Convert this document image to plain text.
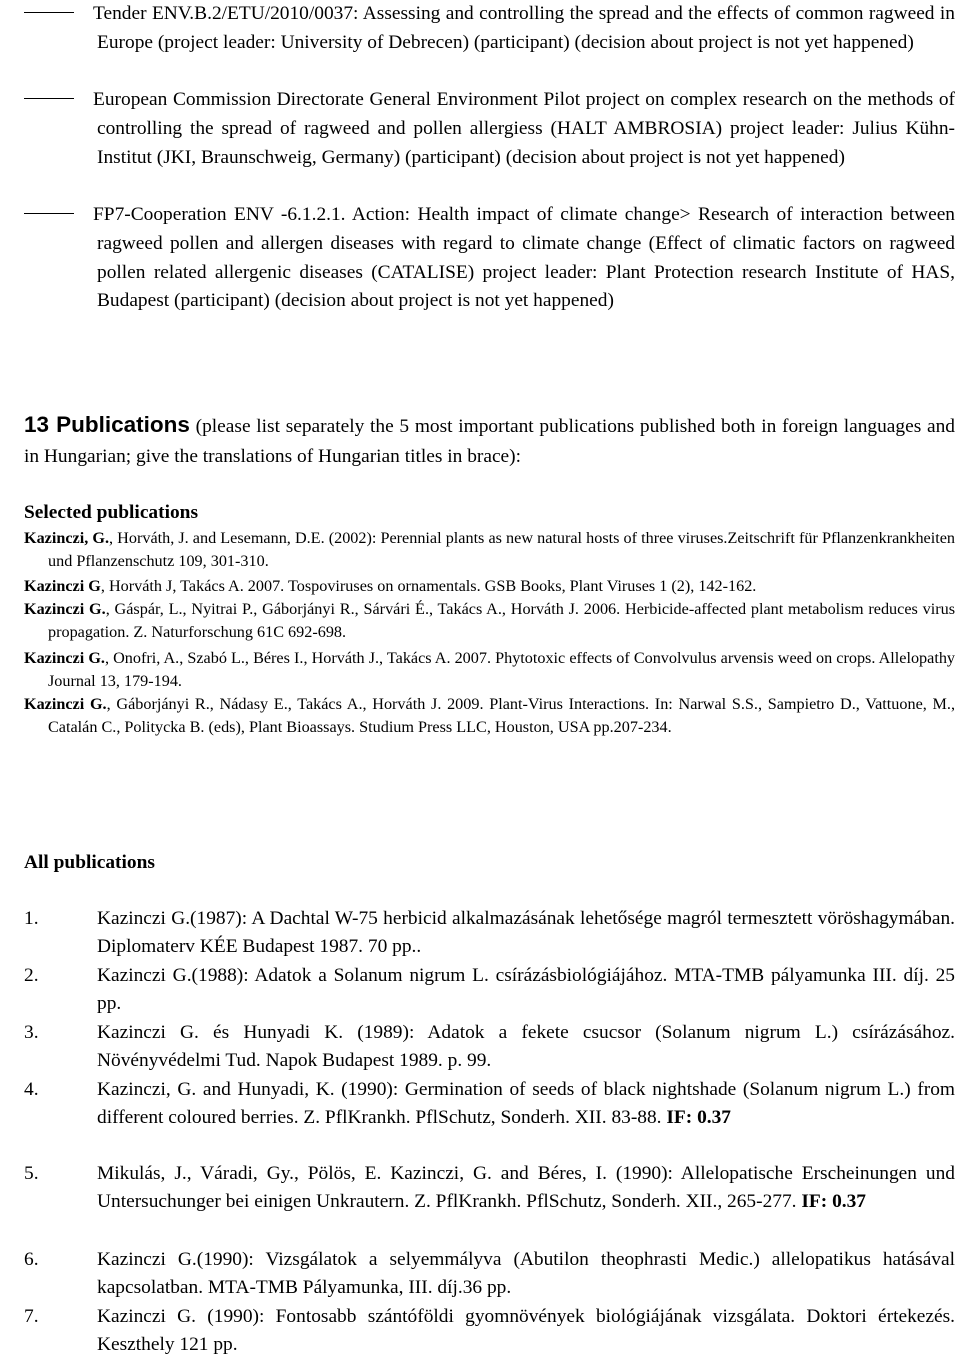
Tender ENV.B.2/ETU/2010/0037: Assessing and controlling the spread and the effects of common ragweed in Europe (project leader: University of Debrecen) (participant) (decision about project is not yet happened)
European Commission Directorate General Environment Pilot project on complex research on the methods of controlling the spread of ragweed and pollen allergiess (HALT AMBROSIA) project leader: Julius Kühn-Institut (JKI, Braunschweig, Germany) (participant) (decision about project is not yet happened)
FP7-Cooperation ENV -6.1.2.1. Action: Health impact of climate change> Research of interaction between ragweed pollen and allergen diseases with regard to climate change (Effect of climatic factors on ragweed pollen related allergenic diseases (CATALISE) project leader: Plant Protection research Institute of HAS, Budapest (participant) (decision about project is not yet happened)
13 Publications (please list separately the 5 most important publications published both in foreign languages and in Hungarian; give the translations of Hungarian titles in brace):
Selected publications
Kazinczi, G., Horváth, J. and Lesemann, D.E. (2002): Perennial plants as new natural hosts of three viruses.Zeitschrift für Pflanzenkrankheiten und Pflanzenschutz 109, 301-310.
Kazinczi G, Horváth J, Takács A. 2007. Tospoviruses on ornamentals. GSB Books, Plant Viruses 1 (2), 142-162.
Kazinczi G., Gáspár, L., Nyitrai P., Gáborjányi R., Sárvári É., Takács A., Horváth J. 2006. Herbicide-affected plant metabolism reduces virus propagation. Z. Naturforschung 61C 692-698.
Kazinczi G., Onofri, A., Szabó L., Béres I., Horváth J., Takács A. 2007. Phytotoxic effects of Convolvulus arvensis weed on crops. Allelopathy Journal 13, 179-194.
Kazinczi G., Gáborjányi R., Nádasy E., Takács A., Horváth J. 2009. Plant-Virus Interactions. In: Narwal S.S., Sampietro D., Vattuone, M., Catalán C., Politycka B. (eds), Plant Bioassays. Studium Press LLC, Houston, USA pp.207-234.
All publications
1.	Kazinczi G.(1987): A Dachtal W-75 herbicid alkalmazásának lehetősége magról termesztett vöröshagymában. Diplomaterv KÉE Budapest 1987. 70 pp..
2.	Kazinczi G.(1988): Adatok a Solanum nigrum L. csírázásbiológiájához. MTA-TMB pályamunka III. díj. 25 pp.
3.	Kazinczi G. és Hunyadi K. (1989): Adatok a fekete csucsor (Solanum nigrum L.) csírázásához. Növényvédelmi Tud. Napok Budapest 1989. p. 99.
4.	Kazinczi, G. and Hunyadi, K. (1990): Germination of seeds of black nightshade (Solanum nigrum L.) from different coloured berries. Z. PflKrankh. PflSchutz, Sonderh. XII. 83-88. IF: 0.37
5.	Mikulás, J., Váradi, Gy., Pölös, E. Kazinczi, G. and Béres, I. (1990): Allelopatische Erscheinungen und Untersuchunger bei einigen Unkrautern. Z. PflKrankh. PflSchutz, Sonderh. XII., 265-277. IF: 0.37
6.	Kazinczi G.(1990): Vizsgálatok a selyemmályva (Abutilon theophrasti Medic.) allelopatikus hatásával kapcsolatban. MTA-TMB Pályamunka, III. díj.36 pp.
7.	Kazinczi G. (1990): Fontosabb szántóföldi gyomnövények biológiájának vizsgálata. Doktori értekezés. Keszthely 121 pp.
